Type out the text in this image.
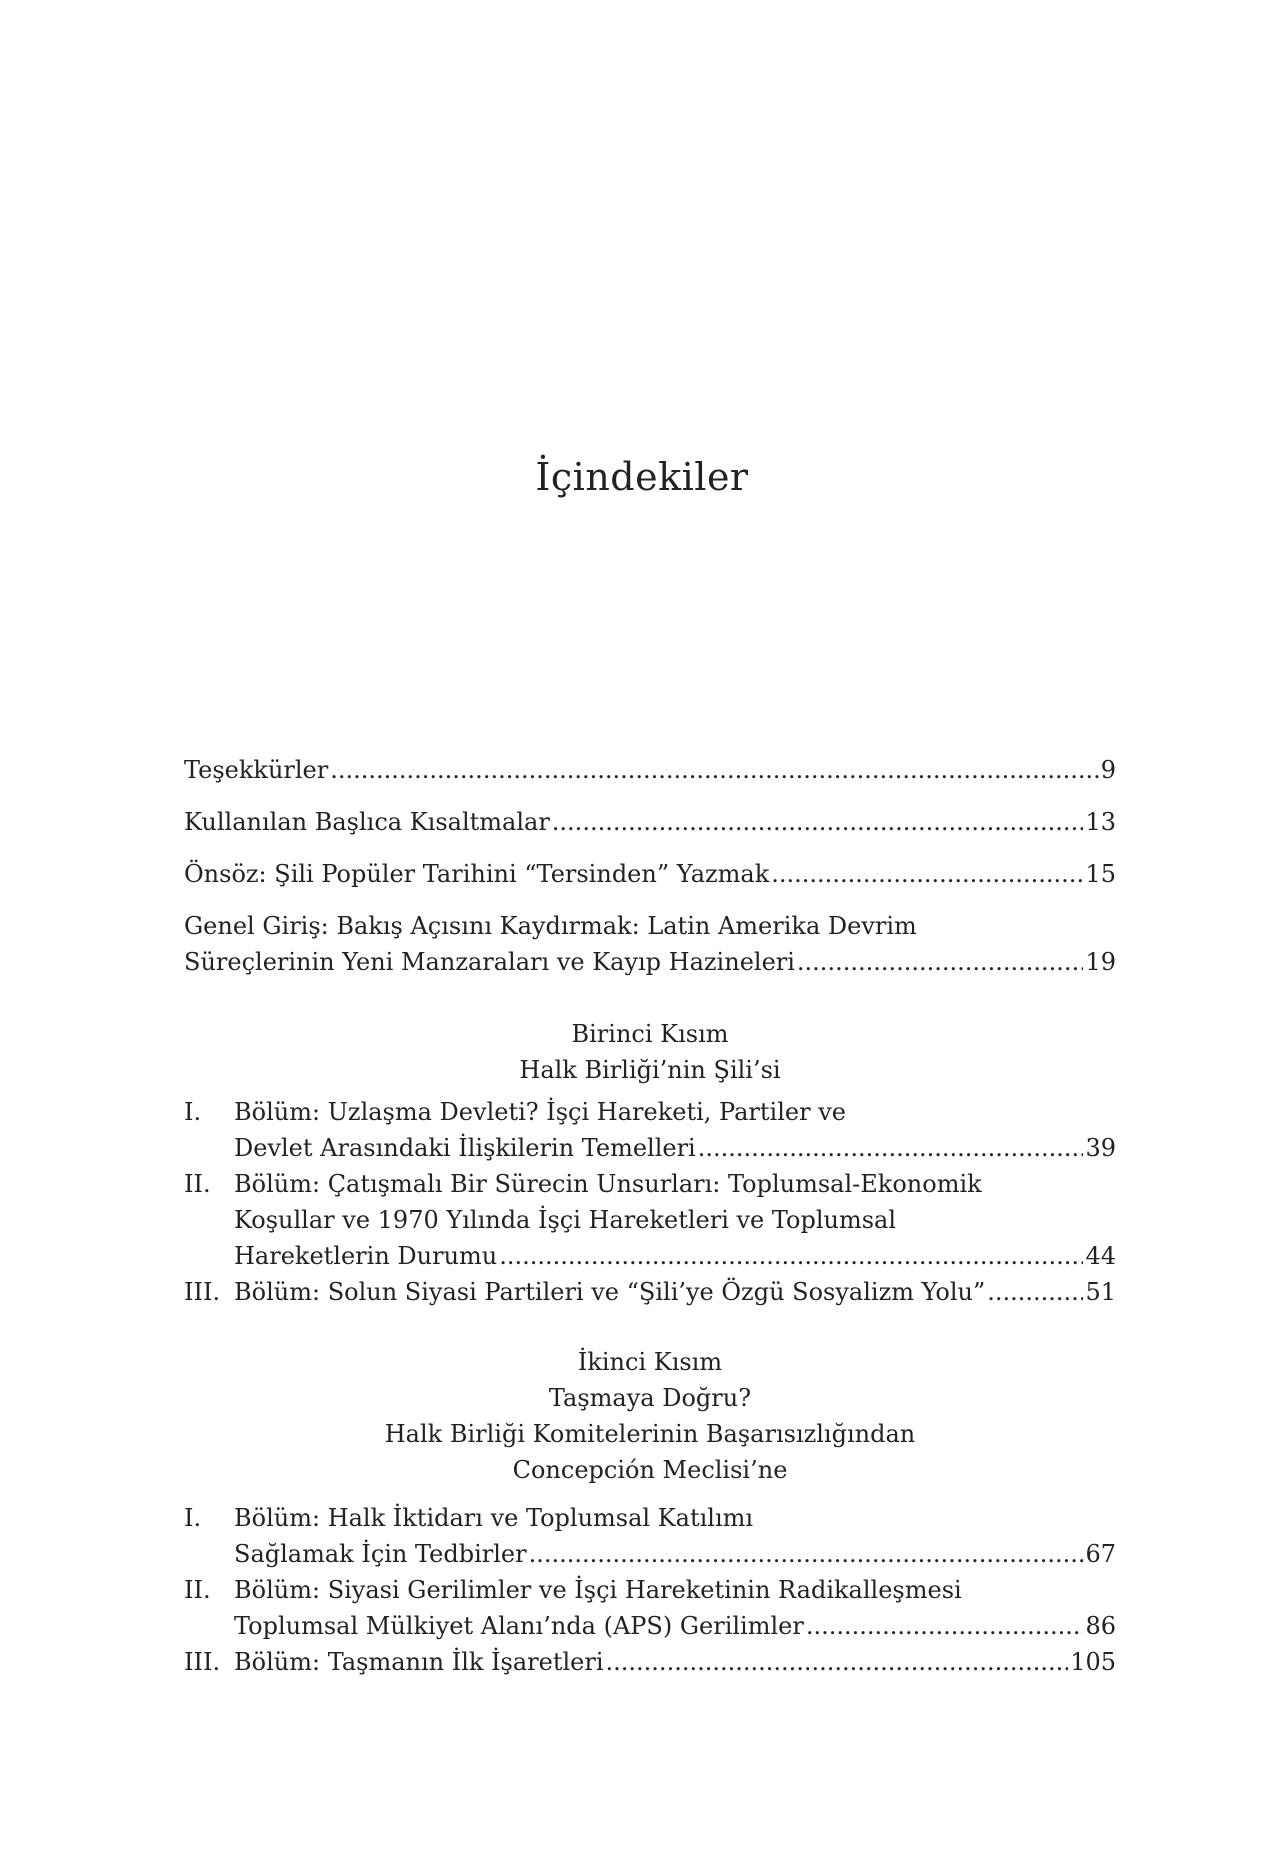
İçindekiler
Teşekkürler .....	9
Kullanılan Başlıca Kısaltmalar .....	13
Önsöz: Şili Popüler Tarihini “Tersinden” Yazmak .....	15
Genel Giriş: Bakış Açısını Kaydırmak: Latin Amerika Devrim
Süreçlerinin Yeni Manzaraları ve Kayıp Hazineleri .....	19
Birinci Kısım
Halk Birliği’nin Şili’si
I. Bölüm: Uzlaşma Devleti? İşçi Hareketi, Partiler ve
Devlet Arasındaki İlişkilerin Temelleri .....	39
II. Bölüm: Çatışmalı Bir Sürecin Unsurları: Toplumsal-Ekonomik
Koşullar ve 1970 Yılında İşçi Hareketleri ve Toplumsal
Hareketlerin Durumu .....	44
III. Bölüm: Solun Siyasi Partileri ve “Şili’ye Özgü Sosyalizm Yolu” .....	51
İkinci Kısım
Taşmaya Doğru?
Halk Birliği Komitelerinin Başarısızlığından
Concepción Meclisi’ne
I. Bölüm: Halk İktidarı ve Toplumsal Katılımı
Sağlamak İçin Tedbirler .....	67
II. Bölüm: Siyasi Gerilimler ve İşçi Hareketinin Radikalleşmesi
Toplumsal Mülkiyet Alanı’nda (APS) Gerilimler .....	86
III. Bölüm: Taşmanın İlk İşaretleri .....	105
